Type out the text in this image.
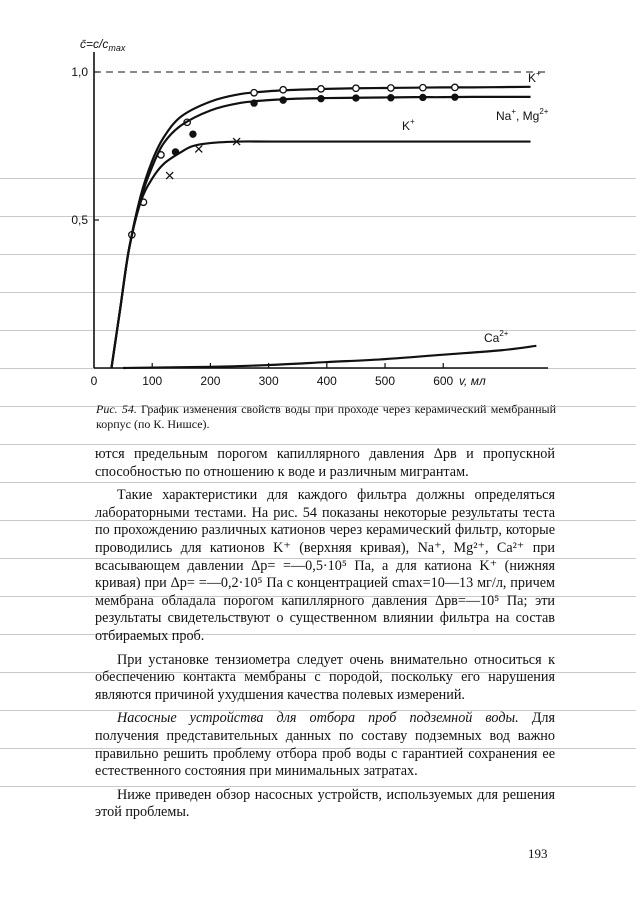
$c̄=c/c_{max}$
0,5
1,0
0	100	200	300	400	500	600 v, мл
K+
Na+, $Mg^{2+}$
K+
$Ca^{2+}$
Рис. 54. График изменения свойств воды при проходе через керамический мембранный корпус (по К. Нишсе).

ются предельным порогом капиллярного давления Δpв и пропускной способностью по отношению к воде и различным мигрантам.

Такие характеристики для каждого фильтра должны определяться лабораторными тестами. На рис. 54 показаны некоторые результаты теста по прохождению различных катионов через керамический фильтр, которые проводились для катионов K⁺ (верхняя кривая), Na⁺, Mg²⁺, Ca²⁺ при всасывающем давлении Δp= =—0,5·10⁵ Па, а для катиона K⁺ (нижняя кривая) при Δp= =—0,2·10⁵ Па с концентрацией cmax=10—13 мг/л, причем мембрана обладала порогом капиллярного давления Δpв=—10⁵ Па; эти результаты свидетельствуют о существенном влиянии фильтра на состав отбираемых проб.

При установке тензиометра следует очень внимательно относиться к обеспечению контакта мембраны с породой, поскольку его нарушения являются причиной ухудшения качества полевых измерений.

Насосные устройства для отбора проб подземной воды. Для получения представительных данных по составу подземных вод важно правильно решить проблему отбора проб воды с гарантией сохранения ее естественного состояния при минимальных затратах.

Ниже приведен обзор насосных устройств, используемых для решения этой проблемы.

193
